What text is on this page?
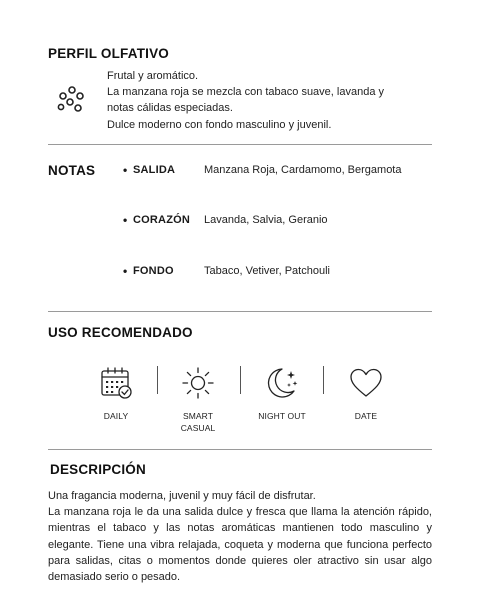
PERFIL OLFATIVO
Frutal y aromático.
La manzana roja se mezcla con tabaco suave, lavanda y
notas cálidas especiadas.
Dulce moderno con fondo masculino y juvenil.
NOTAS • SALIDA	Manzana Roja, Cardamomo, Bergamota
• CORAZÓN Lavanda, Salvia, Geranio
• FONDO	Tabaco, Vetiver, Patchouli
USO RECOMENDADO
DAILY	SMART
CASUAL
NIGHT OUT	DATE
DESCRIPCIÓN

Una fragancia moderna, juvenil y muy fácil de disfrutar.

La manzana roja le da una salida dulce y fresca que llama la atención rápido, mientras el tabaco y las notas aromáticas mantienen todo masculino y elegante. Tiene una vibra relajada, coqueta y moderna que funciona perfecto para salidas, citas o momentos donde quieres oler atractivo sin usar algo demasiado serio o pesado.
